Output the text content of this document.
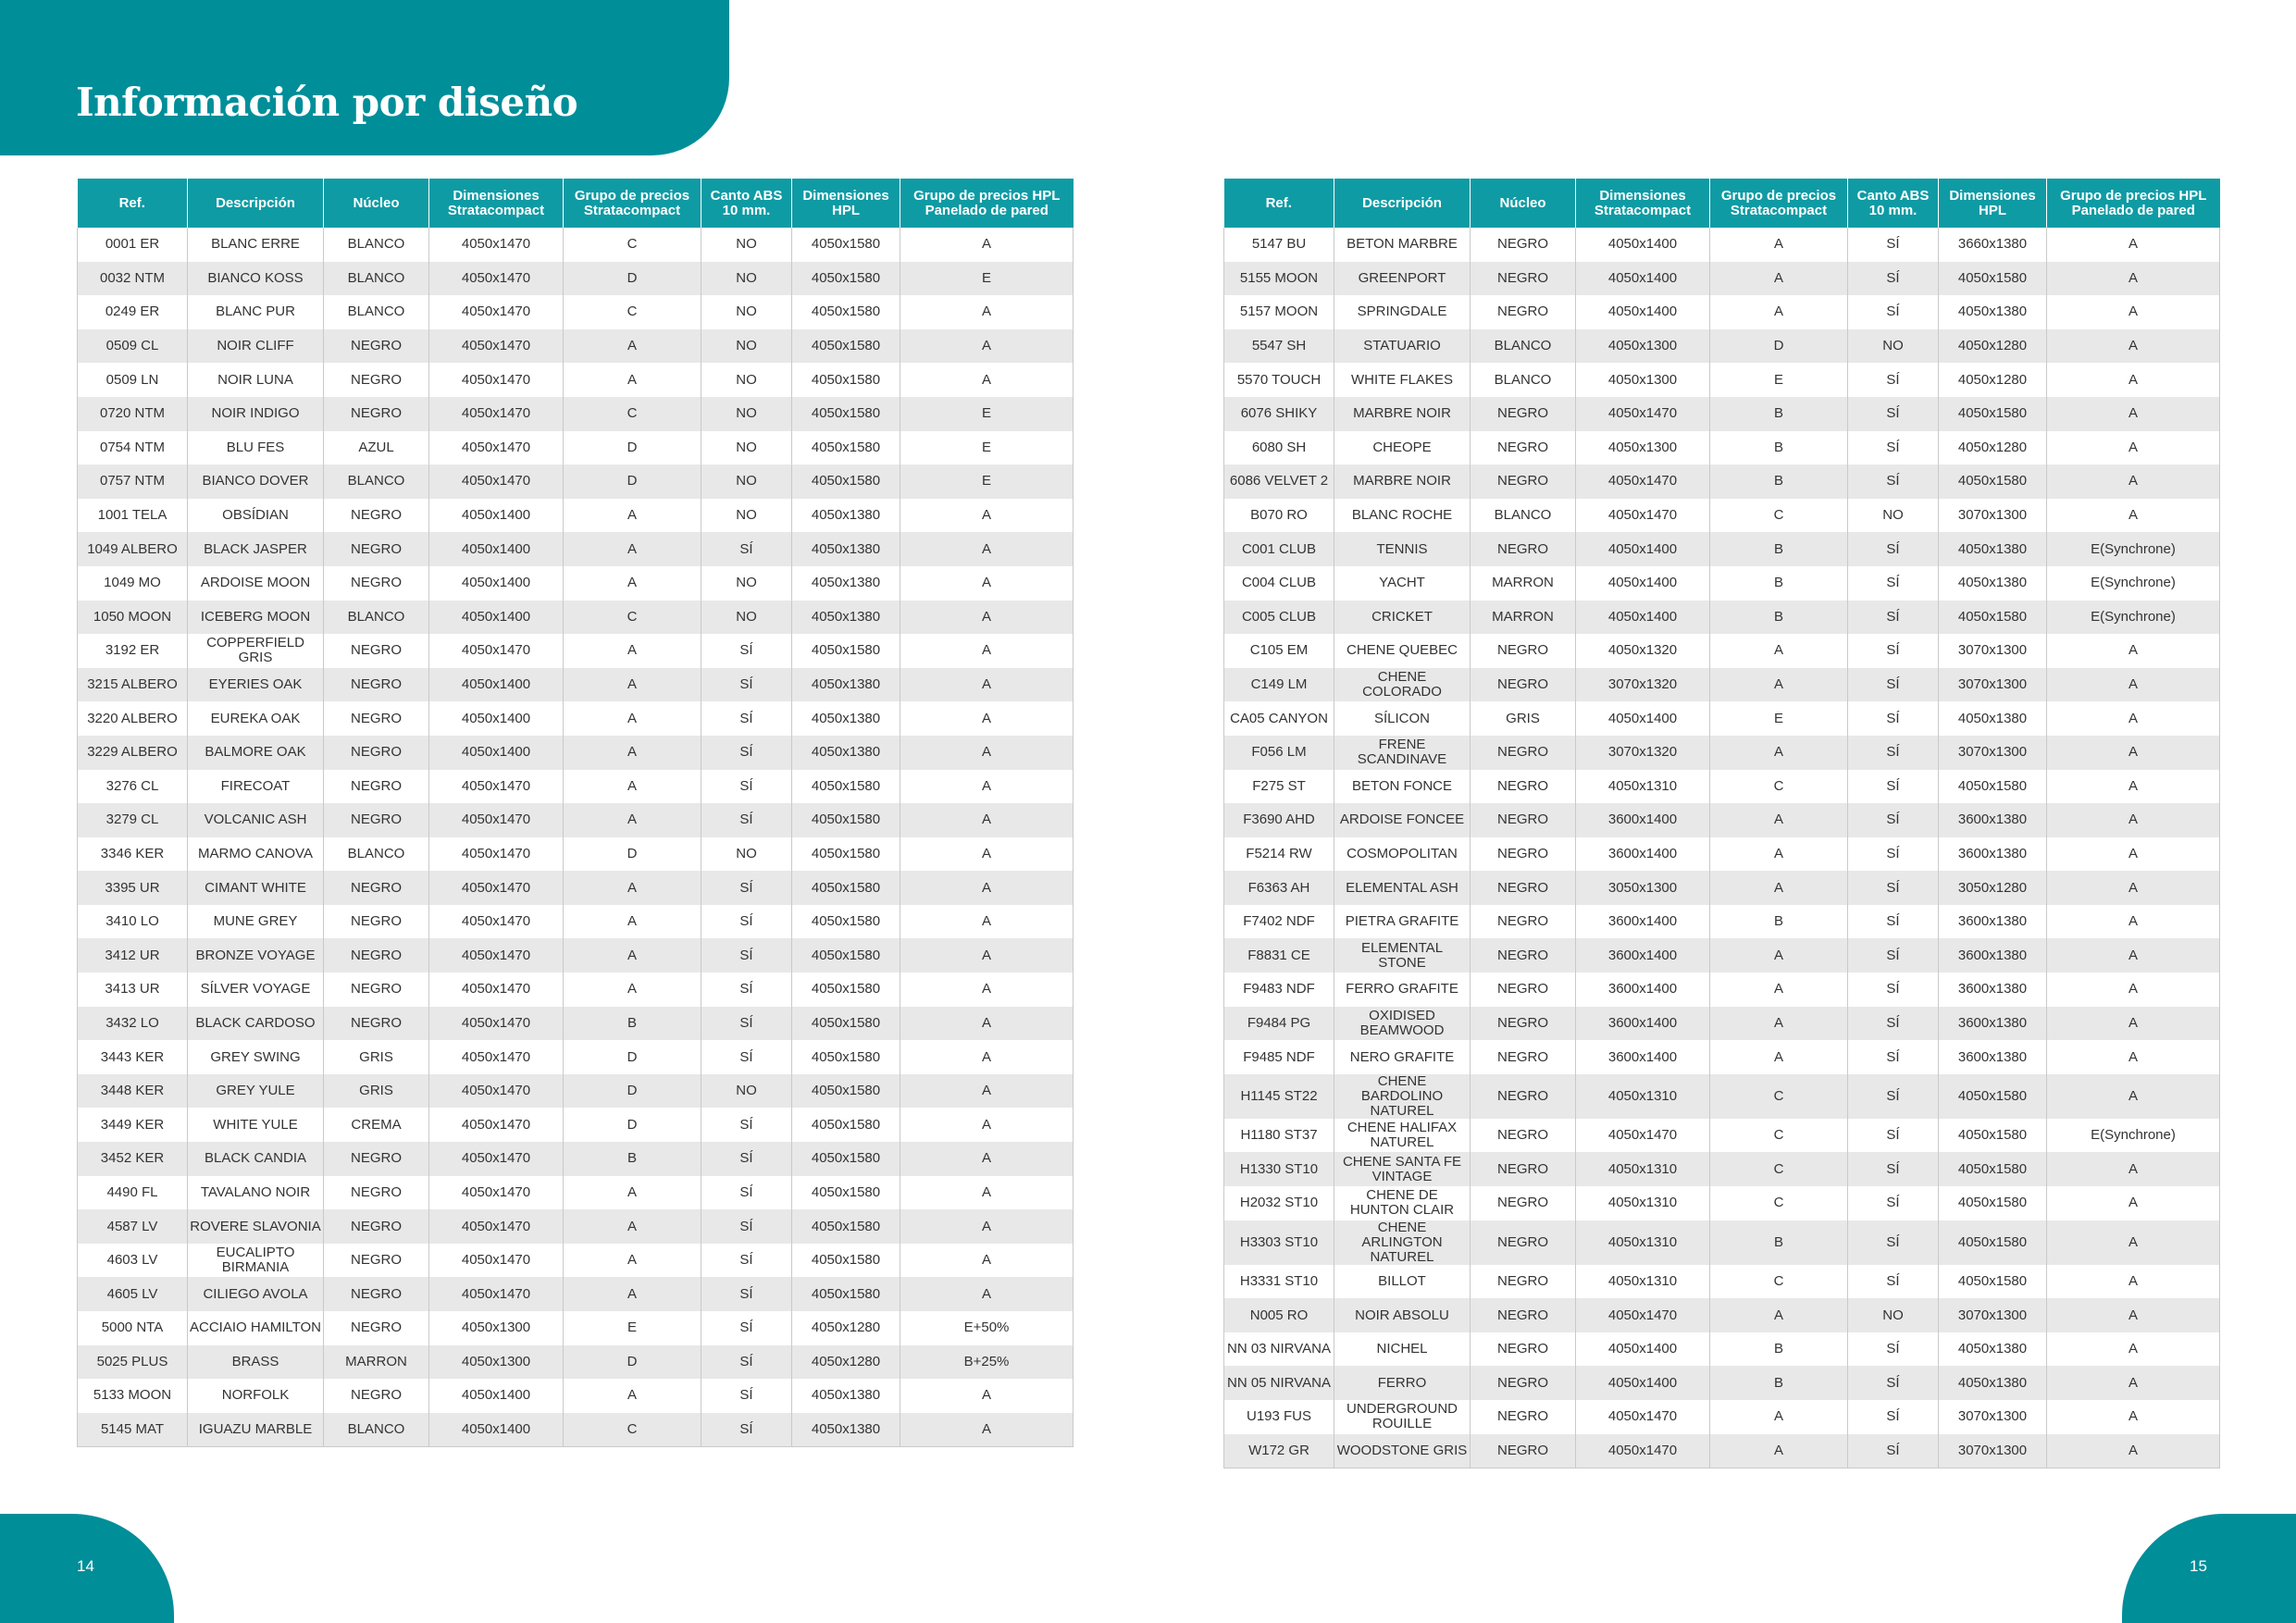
Información por diseño
Ref.	Descripción	Núcleo	Dimensiones Stratacompact	Grupo de precios Stratacompact	Canto ABS 10 mm.	Dimensiones HPL	Grupo de precios HPL Panelado de pared
0001 ER	BLANC ERRE	BLANCO	4050x1470	C	NO	4050x1580	A
0032 NTM	BIANCO KOSS	BLANCO	4050x1470	D	NO	4050x1580	E
0249 ER	BLANC PUR	BLANCO	4050x1470	C	NO	4050x1580	A
0509 CL	NOIR CLIFF	NEGRO	4050x1470	A	NO	4050x1580	A
0509 LN	NOIR LUNA	NEGRO	4050x1470	A	NO	4050x1580	A
0720 NTM	NOIR INDIGO	NEGRO	4050x1470	C	NO	4050x1580	E
0754 NTM	BLU FES	AZUL	4050x1470	D	NO	4050x1580	E
0757 NTM	BIANCO DOVER	BLANCO	4050x1470	D	NO	4050x1580	E
1001 TELA	OBSÍDIAN	NEGRO	4050x1400	A	NO	4050x1380	A
1049 ALBERO	BLACK JASPER	NEGRO	4050x1400	A	SÍ	4050x1380	A
1049 MO	ARDOISE MOON	NEGRO	4050x1400	A	NO	4050x1380	A
1050 MOON	ICEBERG MOON	BLANCO	4050x1400	C	NO	4050x1380	A
3192 ER	COPPERFIELD GRIS	NEGRO	4050x1470	A	SÍ	4050x1580	A
3215 ALBERO	EYERIES OAK	NEGRO	4050x1400	A	SÍ	4050x1380	A
3220 ALBERO	EUREKA OAK	NEGRO	4050x1400	A	SÍ	4050x1380	A
3229 ALBERO	BALMORE OAK	NEGRO	4050x1400	A	SÍ	4050x1380	A
3276 CL	FIRECOAT	NEGRO	4050x1470	A	SÍ	4050x1580	A
3279 CL	VOLCANIC ASH	NEGRO	4050x1470	A	SÍ	4050x1580	A
3346 KER	MARMO CANOVA	BLANCO	4050x1470	D	NO	4050x1580	A
3395 UR	CIMANT WHITE	NEGRO	4050x1470	A	SÍ	4050x1580	A
3410 LO	MUNE GREY	NEGRO	4050x1470	A	SÍ	4050x1580	A
3412 UR	BRONZE VOYAGE	NEGRO	4050x1470	A	SÍ	4050x1580	A
3413 UR	SÍLVER VOYAGE	NEGRO	4050x1470	A	SÍ	4050x1580	A
3432 LO	BLACK CARDOSO	NEGRO	4050x1470	B	SÍ	4050x1580	A
3443 KER	GREY SWING	GRIS	4050x1470	D	SÍ	4050x1580	A
3448 KER	GREY YULE	GRIS	4050x1470	D	NO	4050x1580	A
3449 KER	WHITE YULE	CREMA	4050x1470	D	SÍ	4050x1580	A
3452 KER	BLACK CANDIA	NEGRO	4050x1470	B	SÍ	4050x1580	A
4490 FL	TAVALANO NOIR	NEGRO	4050x1470	A	SÍ	4050x1580	A
4587 LV	ROVERE SLAVONIA	NEGRO	4050x1470	A	SÍ	4050x1580	A
4603 LV	EUCALIPTO BIRMANIA	NEGRO	4050x1470	A	SÍ	4050x1580	A
4605 LV	CILIEGO AVOLA	NEGRO	4050x1470	A	SÍ	4050x1580	A
5000 NTA	ACCIAIO HAMILTON	NEGRO	4050x1300	E	SÍ	4050x1280	E+50%
5025 PLUS	BRASS	MARRON	4050x1300	D	SÍ	4050x1280	B+25%
5133 MOON	NORFOLK	NEGRO	4050x1400	A	SÍ	4050x1380	A
5145 MAT	IGUAZU MARBLE	BLANCO	4050x1400	C	SÍ	4050x1380	A
Ref.	Descripción	Núcleo	Dimensiones Stratacompact	Grupo de precios Stratacompact	Canto ABS 10 mm.	Dimensiones HPL	Grupo de precios HPL Panelado de pared
5147 BU	BETON MARBRE	NEGRO	4050x1400	A	SÍ	3660x1380	A
5155 MOON	GREENPORT	NEGRO	4050x1400	A	SÍ	4050x1580	A
5157 MOON	SPRINGDALE	NEGRO	4050x1400	A	SÍ	4050x1380	A
5547 SH	STATUARIO	BLANCO	4050x1300	D	NO	4050x1280	A
5570 TOUCH	WHITE FLAKES	BLANCO	4050x1300	E	SÍ	4050x1280	A
6076 SHIKY	MARBRE NOIR	NEGRO	4050x1470	B	SÍ	4050x1580	A
6080 SH	CHEOPE	NEGRO	4050x1300	B	SÍ	4050x1280	A
6086 VELVET 2	MARBRE NOIR	NEGRO	4050x1470	B	SÍ	4050x1580	A
B070 RO	BLANC ROCHE	BLANCO	4050x1470	C	NO	3070x1300	A
C001 CLUB	TENNIS	NEGRO	4050x1400	B	SÍ	4050x1380	E(Synchrone)
C004 CLUB	YACHT	MARRON	4050x1400	B	SÍ	4050x1380	E(Synchrone)
C005 CLUB	CRICKET	MARRON	4050x1400	B	SÍ	4050x1580	E(Synchrone)
C105 EM	CHENE QUEBEC	NEGRO	4050x1320	A	SÍ	3070x1300	A
C149 LM	CHENE COLORADO	NEGRO	3070x1320	A	SÍ	3070x1300	A
CA05 CANYON	SÍLICON	GRIS	4050x1400	E	SÍ	4050x1380	A
F056 LM	FRENE SCANDINAVE	NEGRO	3070x1320	A	SÍ	3070x1300	A
F275 ST	BETON FONCE	NEGRO	4050x1310	C	SÍ	4050x1580	A
F3690 AHD	ARDOISE FONCEE	NEGRO	3600x1400	A	SÍ	3600x1380	A
F5214 RW	COSMOPOLITAN	NEGRO	3600x1400	A	SÍ	3600x1380	A
F6363 AH	ELEMENTAL ASH	NEGRO	3050x1300	A	SÍ	3050x1280	A
F7402 NDF	PIETRA GRAFITE	NEGRO	3600x1400	B	SÍ	3600x1380	A
F8831 CE	ELEMENTAL STONE	NEGRO	3600x1400	A	SÍ	3600x1380	A
F9483 NDF	FERRO GRAFITE	NEGRO	3600x1400	A	SÍ	3600x1380	A
F9484 PG	OXIDISED BEAMWOOD	NEGRO	3600x1400	A	SÍ	3600x1380	A
F9485 NDF	NERO GRAFITE	NEGRO	3600x1400	A	SÍ	3600x1380	A
H1145 ST22	CHENE BARDOLINO NATUREL	NEGRO	4050x1310	C	SÍ	4050x1580	A
H1180 ST37	CHENE HALIFAX NATUREL	NEGRO	4050x1470	C	SÍ	4050x1580	E(Synchrone)
H1330 ST10	CHENE SANTA FE VINTAGE	NEGRO	4050x1310	C	SÍ	4050x1580	A
H2032 ST10	CHENE DE HUNTON CLAIR	NEGRO	4050x1310	C	SÍ	4050x1580	A
H3303 ST10	CHENE ARLINGTON NATUREL	NEGRO	4050x1310	B	SÍ	4050x1580	A
H3331 ST10	BILLOT	NEGRO	4050x1310	C	SÍ	4050x1580	A
N005 RO	NOIR ABSOLU	NEGRO	4050x1470	A	NO	3070x1300	A
NN 03 NIRVANA	NICHEL	NEGRO	4050x1400	B	SÍ	4050x1380	A
NN 05 NIRVANA	FERRO	NEGRO	4050x1400	B	SÍ	4050x1380	A
U193 FUS	UNDERGROUND ROUILLE	NEGRO	4050x1470	A	SÍ	3070x1300	A
W172 GR	WOODSTONE GRIS	NEGRO	4050x1470	A	SÍ	3070x1300	A
14	15
